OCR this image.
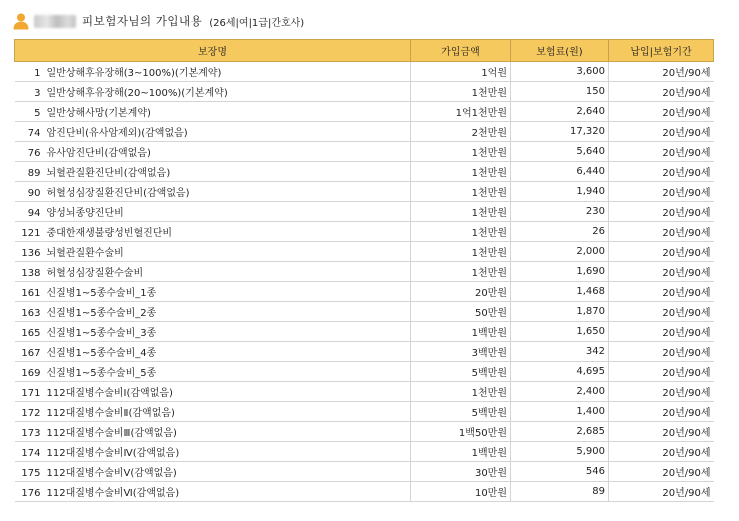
피보험자님의 가입내용 (26세|여|1급|간호사)
보장명	가입금액	보험료(원)	납입|보험기간
1 일반상해후유장해(3~100%)(기본계약)	1억원	3,600	20년/90세
3 일반상해후유장해(20~100%)(기본계약)	1천만원	150	20년/90세
5 일반상해사망(기본계약)	1억1천만원	2,640	20년/90세
74 암진단비(유사암제외)(감액없음)	2천만원	17,320	20년/90세
76 유사암진단비(감액없음)	1천만원	5,640	20년/90세
89 뇌혈관질환진단비(감액없음)	1천만원	6,440	20년/90세
90 허혈성심장질환진단비(감액없음)	1천만원	1,940	20년/90세
94 양성뇌종양진단비	1천만원	230	20년/90세
121 중대한재생불량성빈혈진단비	1천만원	26	20년/90세
136 뇌혈관질환수술비	1천만원	2,000	20년/90세
138 허혈성심장질환수술비	1천만원	1,690	20년/90세
161 신질병1~5종수술비_1종	20만원	1,468	20년/90세
163 신질병1~5종수술비_2종	50만원	1,870	20년/90세
165 신질병1~5종수술비_3종	1백만원	1,650	20년/90세
167 신질병1~5종수술비_4종	3백만원	342	20년/90세
169 신질병1~5종수술비_5종	5백만원	4,695	20년/90세
171 112대질병수술비Ⅰ(감액없음)	1천만원	2,400	20년/90세
172 112대질병수술비Ⅱ(감액없음)	5백만원	1,400	20년/90세
173 112대질병수술비Ⅲ(감액없음)	1백50만원	2,685	20년/90세
174 112대질병수술비Ⅳ(감액없음)	1백만원	5,900	20년/90세
175 112대질병수술비Ⅴ(감액없음)	30만원	546	20년/90세
176 112대질병수술비Ⅵ(감액없음)	10만원	89	20년/90세
